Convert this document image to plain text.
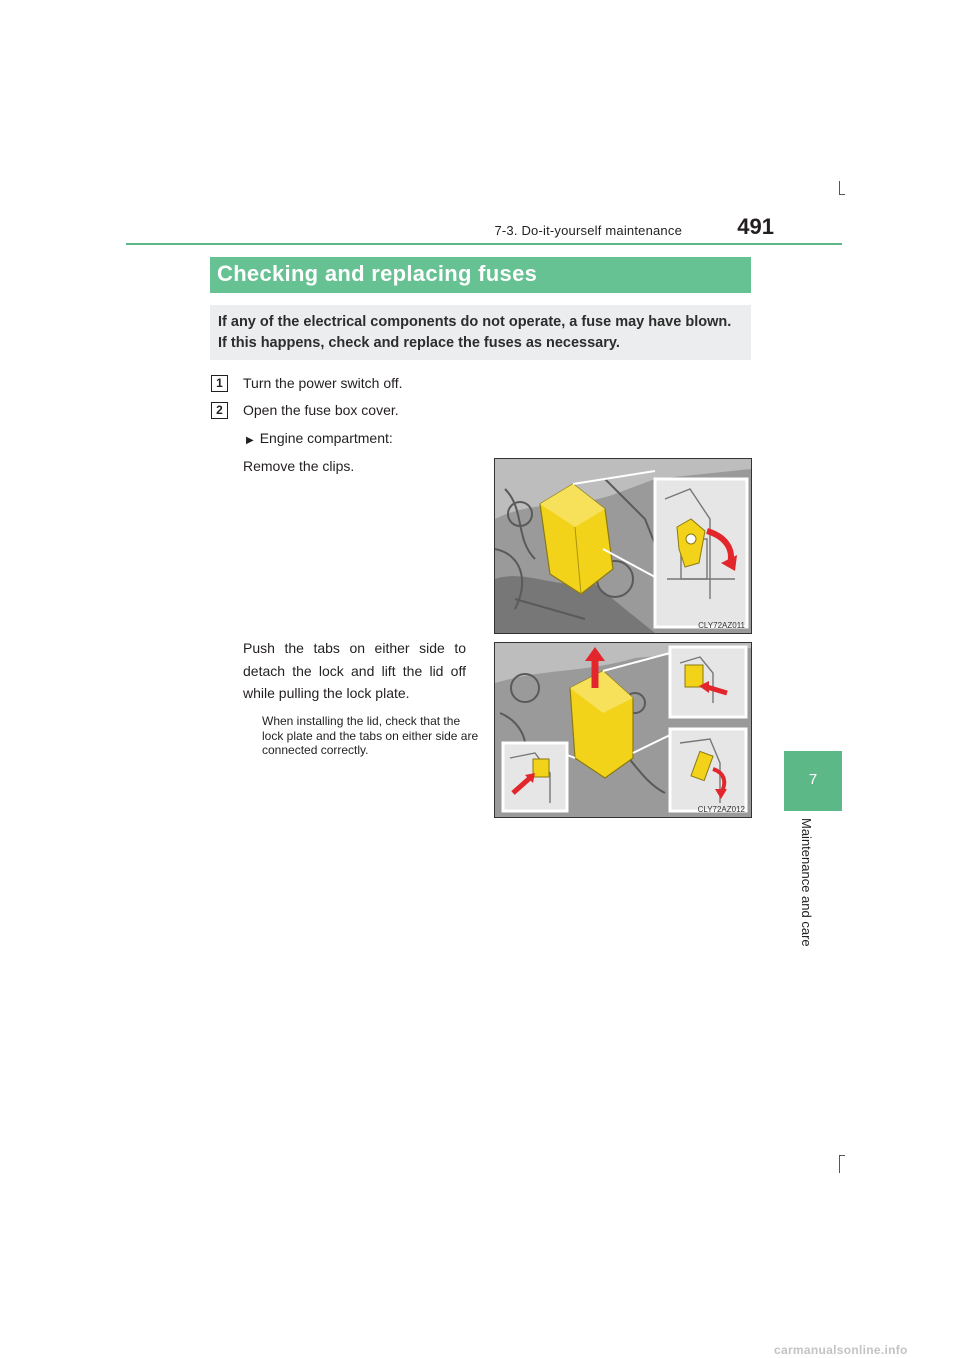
7-3. Do-it-yourself maintenance	491
7
Maintenance and care
Checking and replacing fuses
If any of the electrical components do not operate, a fuse may have blown. If this happens, check and replace the fuses as necessary.
1	Turn the power switch off.
2	Open the fuse box cover.
▶ Engine compartment:
Remove the clips.
Push the tabs on either side to detach the lock and lift the lid off while pulling the lock plate.
When installing the lid, check that the lock plate and the tabs on either side are connected correctly.
CLY72AZ011
CLY72AZ012
carmanualsonline.info
